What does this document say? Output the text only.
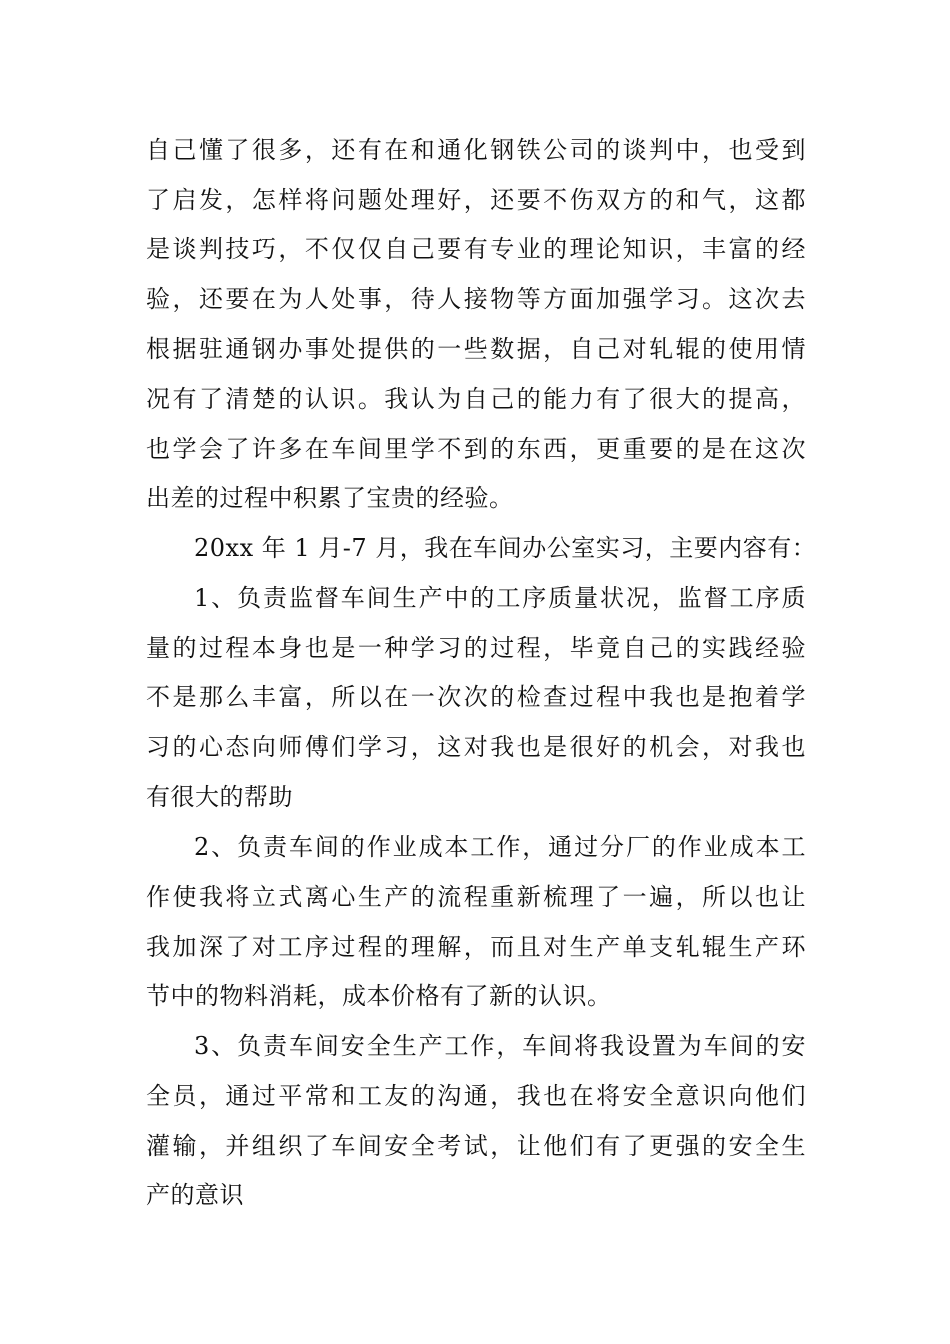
自己懂了很多，还有在和通化钢铁公司的谈判中，也受到
了启发，怎样将问题处理好，还要不伤双方的和气，这都
是谈判技巧，不仅仅自己要有专业的理论知识，丰富的经
验，还要在为人处事，待人接物等方面加强学习。这次去
根据驻通钢办事处提供的一些数据，自己对轧辊的使用情
况有了清楚的认识。我认为自己的能力有了很大的提高，
也学会了许多在车间里学不到的东西，更重要的是在这次
出差的过程中积累了宝贵的经验。
20xx 年 1 月-7 月，我在车间办公室实习，主要内容有：
1、负责监督车间生产中的工序质量状况，监督工序质
量的过程本身也是一种学习的过程，毕竟自己的实践经验
不是那么丰富，所以在一次次的检查过程中我也是抱着学
习的心态向师傅们学习，这对我也是很好的机会，对我也
有很大的帮助
2、负责车间的作业成本工作，通过分厂的作业成本工
作使我将立式离心生产的流程重新梳理了一遍，所以也让
我加深了对工序过程的理解，而且对生产单支轧辊生产环
节中的物料消耗，成本价格有了新的认识。
3、负责车间安全生产工作，车间将我设置为车间的安
全员，通过平常和工友的沟通，我也在将安全意识向他们
灌输，并组织了车间安全考试，让他们有了更强的安全生
产的意识
